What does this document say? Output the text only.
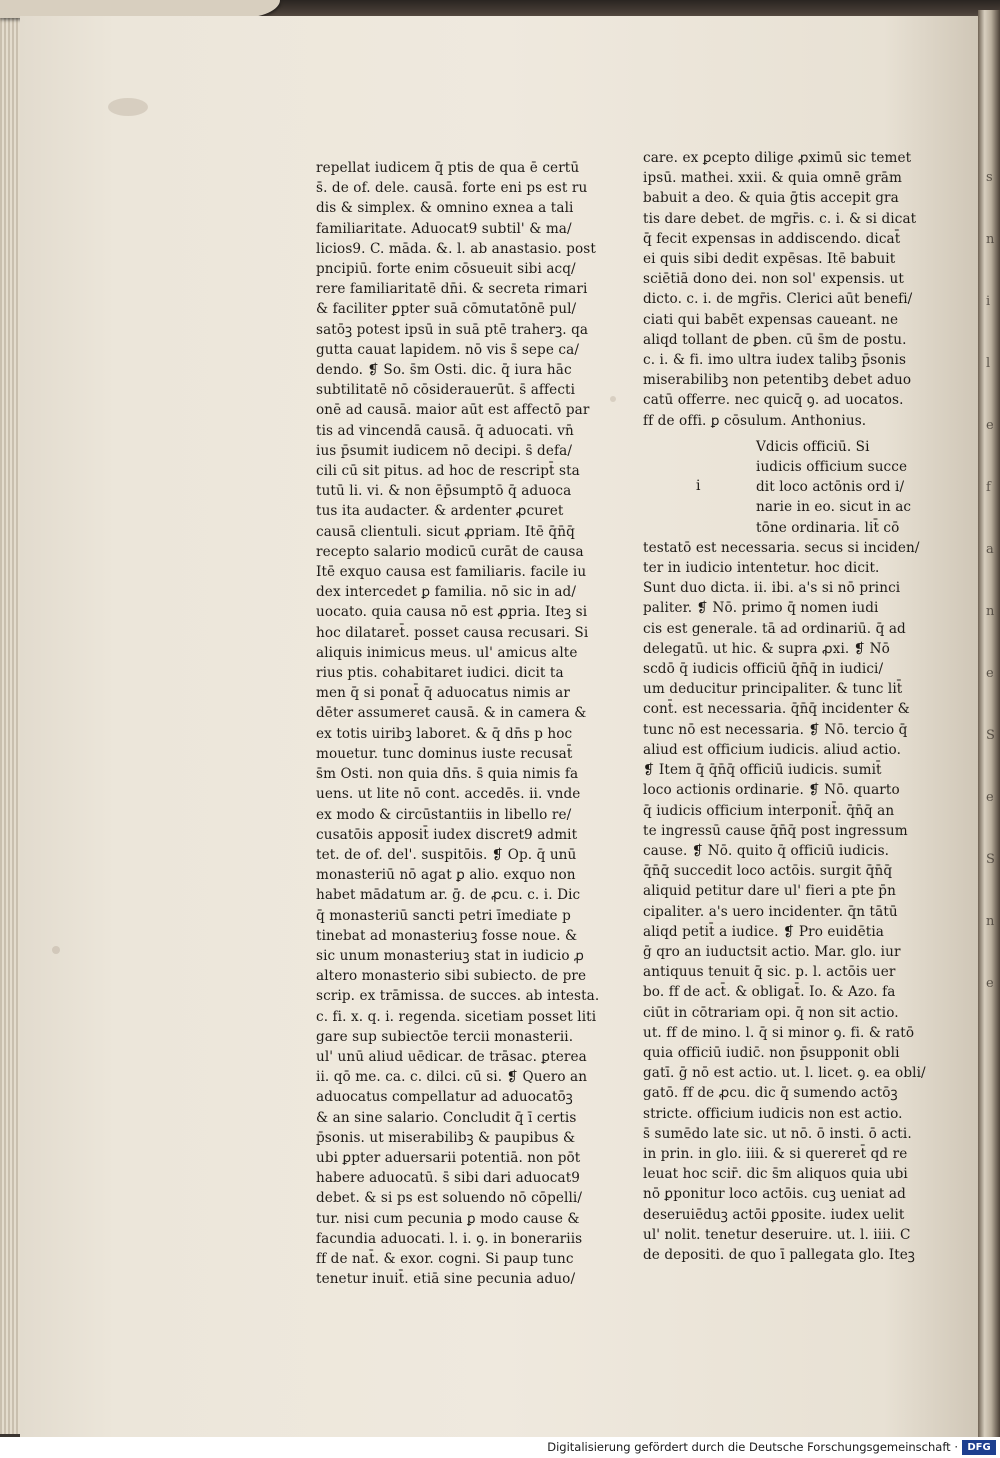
repellat iudicem q̄ ptis de qua ē certū
s̄. de of. dele. causā. forte eni ps est ru
dis & simplex. & omnino exnea a tali
familiaritate. Aduocat9 subtil' & ma/
licios9. C. māda. &. l. ab anastasio. post
pncipiū. forte enim cōsueuit sibi acq/
rere familiaritatē dn̄i. & secreta rimari
& faciliter ꝑpter suā cōmutatōnē pul/
satōꝫ potest ipsū in suā ptē traherꝫ. qa
gutta cauat lapidem. nō vis s̄ sepe ca/
dendo. ❡ So. s̄m Osti. dic. q̄ iura hāc
subtilitatē nō cōsiderauerūt. s̄ affecti
onē ad causā. maior aūt est affectō par
tis ad vincendā causā. q̄ aduocati. vn̄
ius p̄sumit iudicem nō decipi. s̄ defa/
cili cū sit pitus. ad hoc de rescript̄ sta
tutū li. vi. & non ēp̄sumptō q̄ aduoca
tus ita audacter. & ardenter ꝓcuret
causā clientuli. sicut ꝓpriam. Itē q̄n̄q̄
recepto salario modicū curāt de causa
Itē exquo causa est familiaris. facile iu
dex intercedet ꝑ familia. nō sic in ad/
uocato. quia causa nō est ꝓpria. Iteꝫ si
hoc dilataret̄. posset causa recusari. Si
aliquis inimicus meus. ul' amicus alte
rius ptis. cohabitaret iudici. dicit ta
men q̄ si ponat̄ q̄ aduocatus nimis ar
dēter assumeret causā. & in camera &
ex totis uiribꝫ laboret. & q̄ dn̄s p hoc
mouetur. tunc dominus iuste recusat̄
s̄m Osti. non quia dn̄s. s̄ quia nimis fa
uens. ut lite nō cont. accedēs. ii. vnde
ex modo & circūstantiis in libello re/
cusatōis apposit̄ iudex discret9 admit
tet. de of. del'. suspitōis. ❡ Op. q̄ unū
monasteriū nō agat ꝑ alio. exquo non
habet mādatum ar. ḡ. de ꝓcu. c. i. Dic
q̄ monasteriū sancti petri īmediate p
tinebat ad monasteriuꝫ fosse noue. &
sic unum monasteriuꝫ stat in iudicio ꝓ
altero monasterio sibi subiecto. de pre
scrip. ex trāmissa. de succes. ab intesta.
c. fi. x. q. i. regenda. sicetiam posset liti
gare sup subiectōe tercii monasterii.
ul' unū aliud uēdicar. de trāsac. ꝑterea
ii. qō me. ca. c. dilci. cū si. ❡ Quero an
aduocatus compellatur ad aduocatōꝫ
& an sine salario. Concludit q̄ ī certis
p̄sonis. ut miserabilibꝫ & paupibus &
ubi ꝑpter aduersarii potentiā. non pōt
habere aduocatū. s̄ sibi dari aduocat9
debet. & si ps est soluendo nō cōpelli/
tur. nisi cum pecunia ꝑ modo cause &
facundia aduocati. l. i. ꝯ. in bonerariis
ff de nat̄. & exor. cogni. Si paup tunc
tenetur inuit̄. etiā sine pecunia aduo/
care. ex ꝑcepto dilige ꝓximū sic temet
ipsū. mathei. xxii. & quia omnē grām
babuit a deo. & quia ḡtis accepit gra
tis dare debet. de mgr̄is. c. i. & si dicat
q̄ fecit expensas in addiscendo. dicat̄
ei quis sibi dedit expēsas. Itē babuit
sciētiā dono dei. non sol' expensis. ut
dicto. c. i. de mgr̄is. Clerici aūt benefi/
ciati qui babēt expensas caueant. ne
aliqd tollant de ꝑben. cū s̄m de postu.
c. i. & fi. imo ultra iudex talibꝫ p̄sonis
miserabilibꝫ non petentibꝫ debet aduo
catū offerre. nec quicq̄ ꝯ. ad uocatos.
ff de offi. ꝑ cōsulum. Anthonius.
Vdicis officiū. Si
iudicis officium succe
dit loco actōnis ord i/
narie in eo. sicut in ac
tōne ordinaria. lit̄ cō
testatō est necessaria. secus si inciden/
ter in iudicio intentetur. hoc dicit.
Sunt duo dicta. ii. ibi. a's si nō princi
paliter. ❡ Nō. primo q̄ nomen iudi
cis est generale. tā ad ordinariū. q̄ ad
delegatū. ut hic. & supra ꝓxi. ❡ Nō
scdō q̄ iudicis officiū q̄n̄q̄ in iudici/
um deducitur principaliter. & tunc lit̄
cont̄. est necessaria. q̄n̄q̄ incidenter &
tunc nō est necessaria. ❡ Nō. tercio q̄
aliud est officium iudicis. aliud actio.
❡ Item q̄ q̄n̄q̄ officiū iudicis. sumit̄
loco actionis ordinarie. ❡ Nō. quarto
q̄ iudicis officium interponit̄. q̄n̄q̄ an
te ingressū cause q̄n̄q̄ post ingressum
cause. ❡ Nō. quito q̄ officiū iudicis.
q̄n̄q̄ succedit loco actōis. surgit q̄n̄q̄
aliquid petitur dare ul' fieri a pte p̄n
cipaliter. a's uero incidenter. q̄n tātū
aliqd petit̄ a iudice. ❡ Pro euidētia
ḡ qro an iuductsit actio. Mar. glo. iur
antiquus tenuit q̄ sic. p. l. actōis uer
bo. ff de act̄. & obligat̄. Io. & Azo. fa
ciūt in cōtrariam opi. q̄ non sit actio.
ut. ff de mino. l. q̄ si minor ꝯ. fi. & ratō
quia officiū iudic̄. non p̄supponit obli
gatī. ḡ nō est actio. ut. l. licet. ꝯ. ea obli/
gatō. ff de ꝓcu. dic q̄ sumendo actōꝫ
stricte. officium iudicis non est actio.
s̄ sumēdo late sic. ut nō. ō insti. ō acti.
in prin. in glo. iiii. & si quereret̄ qd re
leuat hoc scir̄. dic s̄m aliquos quia ubi
nō ꝑponitur loco actōis. cuꝫ ueniat ad
deseruiēduꝫ actōi ꝑposite. iudex uelit
ul' nolit. tenetur deseruire. ut. l. iiii. C
de depositi. de quo ī pallegata glo. Iteꝫ
i
s
n
i
l
e
f
a
n
e
S
e
S
n
e
Digitalisierung gefördert durch die Deutsche Forschungsgemeinschaft · DFG
